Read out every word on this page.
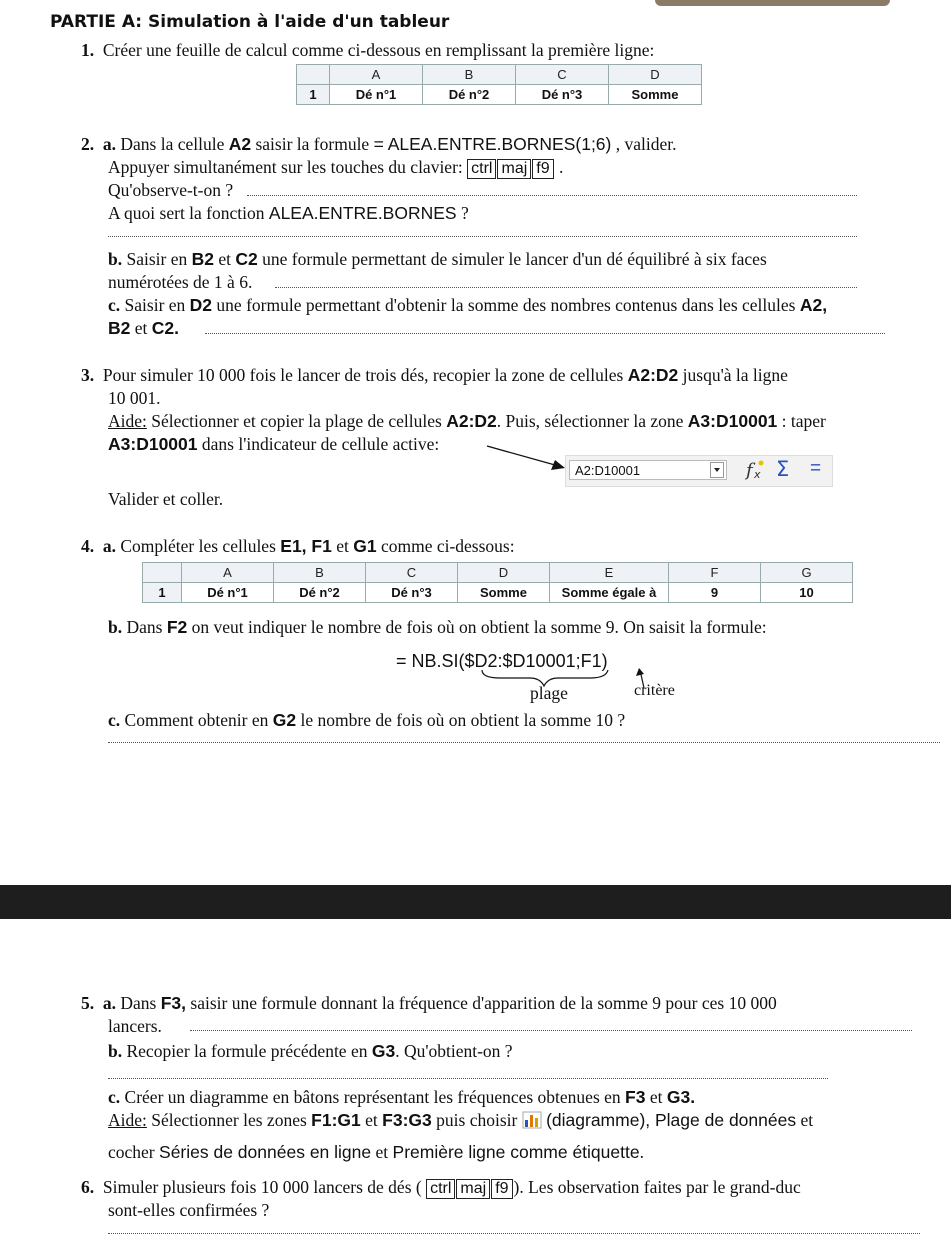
PARTIE A: Simulation à l'aide d'un tableur
1. Créer une feuille de calcul comme ci-dessous en remplissant la première ligne:
	A	B	C	D
1	Dé n°1	Dé n°2	Dé n°3	Somme
2. a. Dans la cellule A2 saisir la formule = ALEA.ENTRE.BORNES(1;6) , valider.
Appuyer simultanément sur les touches du clavier: ctrl maj f9 .
Qu'observe-t-on ?
A quoi sert la fonction ALEA.ENTRE.BORNES ?
b. Saisir en B2 et C2 une formule permettant de simuler le lancer d'un dé équilibré à six faces
numérotées de 1 à 6.
c. Saisir en D2 une formule permettant d'obtenir la somme des nombres contenus dans les cellules A2,
B2 et C2.
3. Pour simuler 10 000 fois le lancer de trois dés, recopier la zone de cellules A2:D2 jusqu'à la ligne
10 001.
Aide: Sélectionner et copier la plage de cellules A2:D2. Puis, sélectionner la zone A3:D10001 : taper
A3:D10001 dans l'indicateur de cellule active:
A2:D10001	f x Σ =
Valider et coller.
4. a. Compléter les cellules E1, F1 et G1 comme ci-dessous:
	A	B	C	D	E	F	G
1	Dé n°1	Dé n°2	Dé n°3	Somme	Somme égale à	9	10
b. Dans F2 on veut indiquer le nombre de fois où on obtient la somme 9. On saisit la formule:
= NB.SI($D2:$D10001;F1)
plage	critère
c. Comment obtenir en G2 le nombre de fois où on obtient la somme 10 ?
5. a. Dans F3, saisir une formule donnant la fréquence d'apparition de la somme 9 pour ces 10 000
lancers.
b. Recopier la formule précédente en G3. Qu'obtient-on ?
c. Créer un diagramme en bâtons représentant les fréquences obtenues en F3 et G3.
Aide: Sélectionner les zones F1:G1 et F3:G3 puis choisir (diagramme), Plage de données et
cocher Séries de données en ligne et Première ligne comme étiquette.
6. Simuler plusieurs fois 10 000 lancers de dés ( ctrl maj f9 ). Les observation faites par le grand-duc
sont-elles confirmées ?
